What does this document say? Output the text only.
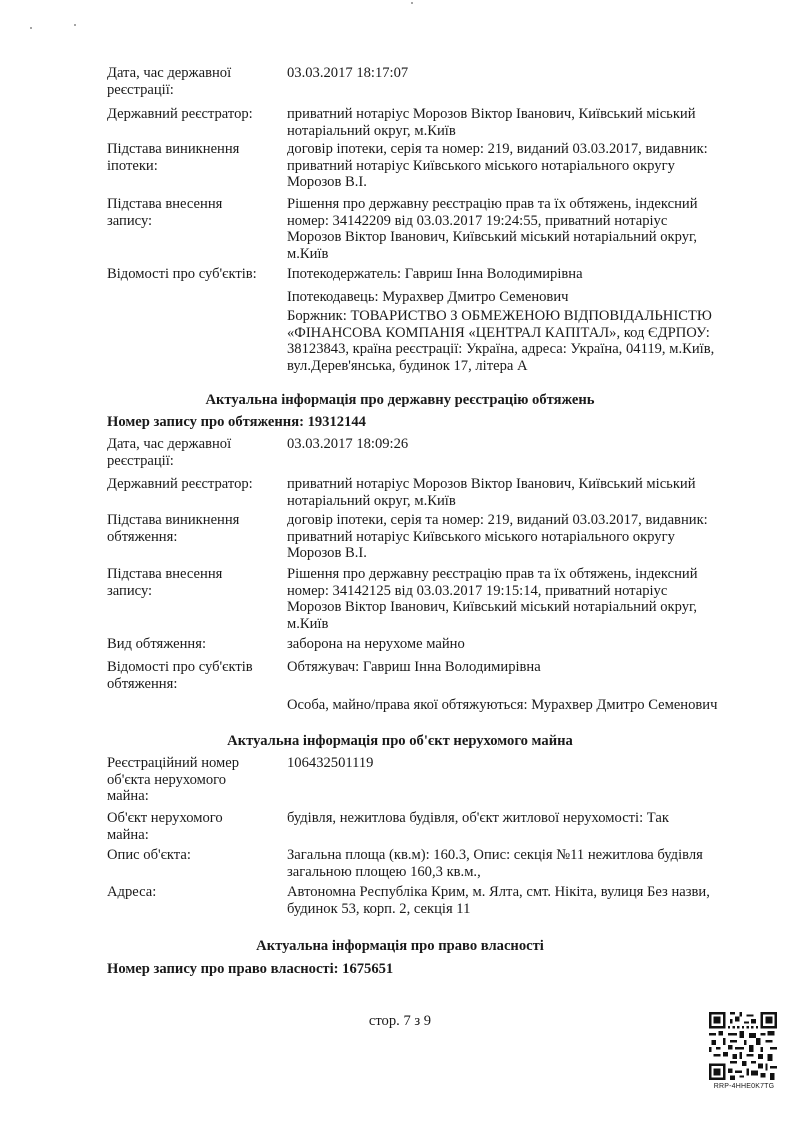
Дата, час державної реєстрації:
03.03.2017 18:17:07
Державний реєстратор:	приватний нотаріус Морозов Віктор Іванович, Київський міський
нотаріальний округ, м.Київ
Підстава виникнення іпотеки:
договір іпотеки, серія та номер: 219, виданий 03.03.2017, видавник:
приватний нотаріус Київського міського нотаріального округу
Морозов В.І.
Підстава внесення запису:
Рішення про державну реєстрацію прав та їх обтяжень, індексний
номер: 34142209 від 03.03.2017 19:24:55, приватний нотаріус
Морозов Віктор Іванович, Київський міський нотаріальний округ,
м.Київ
Відомості про суб'єктів:	Іпотекодержатель: Гавриш Інна Володимирівна
Іпотекодавець: Мурахвер Дмитро Семенович
Боржник: ТОВАРИСТВО З ОБМЕЖЕНОЮ ВІДПОВІДАЛЬНІСТЮ
«ФІНАНСОВА КОМПАНІЯ «ЦЕНТРАЛ КАПІТАЛ», код ЄДРПОУ:
38123843, країна реєстрації: Україна, адреса: Україна, 04119, м.Київ,
вул.Дерев'янська, будинок 17, літера А
Актуальна інформація про державну реєстрацію обтяжень
Номер запису про обтяження: 19312144
Дата, час державної реєстрації:
03.03.2017 18:09:26
Державний реєстратор:	приватний нотаріус Морозов Віктор Іванович, Київський міський
нотаріальний округ, м.Київ
Підстава виникнення обтяження:
договір іпотеки, серія та номер: 219, виданий 03.03.2017, видавник:
приватний нотаріус Київського міського нотаріального округу
Морозов В.І.
Підстава внесення запису:
Рішення про державну реєстрацію прав та їх обтяжень, індексний
номер: 34142125 від 03.03.2017 19:15:14, приватний нотаріус
Морозов Віктор Іванович, Київський міський нотаріальний округ,
м.Київ
Вид обтяження:	заборона на нерухоме майно
Відомості про суб'єктів обтяження:
Обтяжувач: Гавриш Інна Володимирівна
Особа, майно/права якої обтяжуються: Мурахвер Дмитро Семенович
Актуальна інформація про об'єкт нерухомого майна
Реєстраційний номер об'єкта нерухомого майна:
106432501119
Об'єкт нерухомого майна:
будівля, нежитлова будівля, об'єкт житлової нерухомості: Так
Опис об'єкта:	Загальна площа (кв.м): 160.3, Опис: секція №11 нежитлова будівля
загальною площею 160,3 кв.м.,
Адреса:	Автономна Республіка Крим, м. Ялта, смт. Нікіта, вулиця Без назви,
будинок 53, корп. 2, секція 11
Актуальна інформація про право власності
Номер запису про право власності: 1675651
стор. 7 з 9
RRP-4HHE0K7TG
